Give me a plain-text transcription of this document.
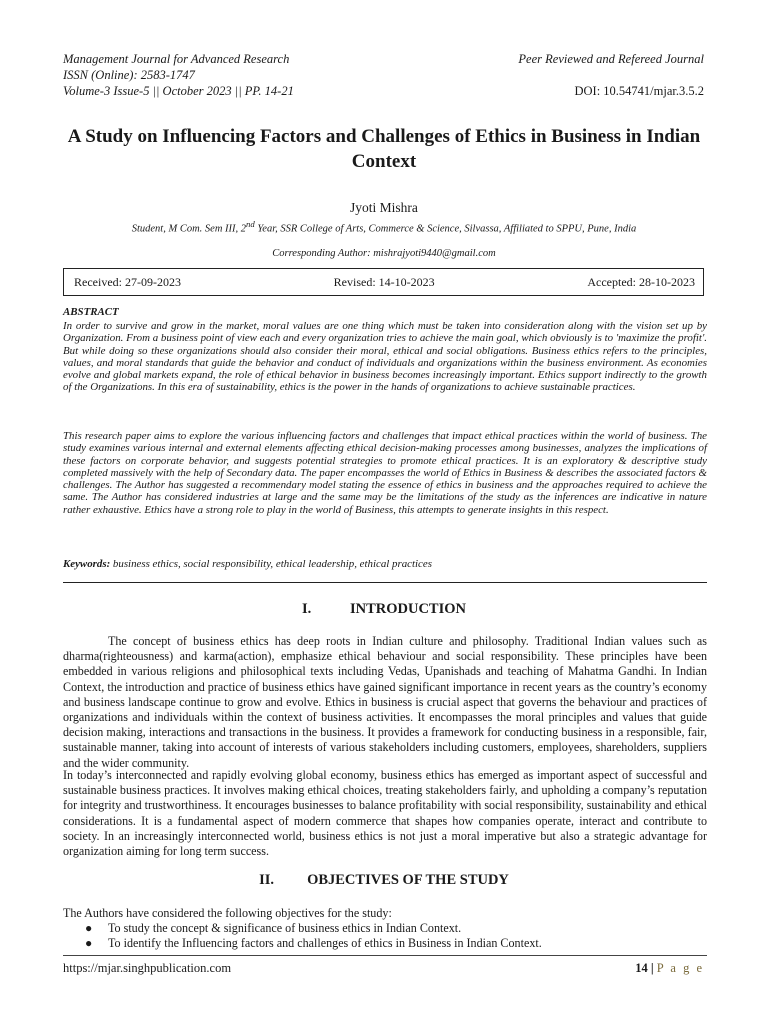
Management Journal for Advanced Research	Peer Reviewed and Refereed Journal
ISSN (Online): 2583-1747
Volume-3 Issue-5 || October 2023 || PP. 14-21	DOI: 10.54741/mjar.3.5.2
A Study on Influencing Factors and Challenges of Ethics in Business in Indian Context
Jyoti Mishra
Student, M Com. Sem III, 2nd Year, SSR College of Arts, Commerce & Science, Silvassa, Affiliated to SPPU, Pune, India
Corresponding Author: mishrajyoti9440@gmail.com
Received: 27-09-2023	Revised: 14-10-2023	Accepted: 28-10-2023
ABSTRACT
In order to survive and grow in the market, moral values are one thing which must be taken into consideration along with the vision set up by Organization. From a business point of view each and every organization tries to achieve the main goal, which obviously is to 'maximize the profit'. But while doing so these organizations should also consider their moral, ethical and social obligations. Business ethics refers to the principles, values, and moral standards that guide the behavior and conduct of individuals and organizations within the business environment. As economies evolve and global markets expand, the role of ethical behavior in business becomes increasingly important. Ethics support indirectly to the growth of the Organizations. In this era of sustainability, ethics is the power in the hands of organizations to achieve sustainable practices.
This research paper aims to explore the various influencing factors and challenges that impact ethical practices within the world of business. The study examines various internal and external elements affecting ethical decision-making processes among businesses, analyzes the implications of these factors on corporate behavior, and suggests potential strategies to promote ethical practices. It is an exploratory & descriptive study completed massively with the help of Secondary data. The paper encompasses the world of Ethics in Business & describes the associated factors & challenges. The Author has suggested a recommendary model stating the essence of ethics in business and the approaches required to achieve the same. The Author has considered industries at large and the same may be the limitations of the study as the inferences are indicative in nature rather exhaustive. Ethics have a strong role to play in the world of Business, this attempts to generate insights in this respect.
Keywords: business ethics, social responsibility, ethical leadership, ethical practices
I.	INTRODUCTION
The concept of business ethics has deep roots in Indian culture and philosophy. Traditional Indian values such as dharma(righteousness) and karma(action), emphasize ethical behaviour and social responsibility. These principles have been embedded in various religions and philosophical texts including Vedas, Upanishads and teaching of Mahatma Gandhi. In Indian Context, the introduction and practice of business ethics have gained significant importance in recent years as the country’s economy and business landscape continue to grow and evolve. Ethics in business is crucial aspect that governs the behaviour and practices of organizations and individuals within the context of business activities. It encompasses the moral principles and values that guide decision making, interactions and transactions in the business. It provides a framework for conducting business in a responsible, fair, sustainable manner, taking into account of interests of various stakeholders including customers, employees, shareholders, suppliers and the wider community.
In today’s interconnected and rapidly evolving global economy, business ethics has emerged as important aspect of successful and sustainable business practices. It involves making ethical choices, treating stakeholders fairly, and upholding a company’s reputation for integrity and trustworthiness. It encourages businesses to balance profitability with social responsibility, sustainability and ethical considerations. It is a fundamental aspect of modern commerce that shapes how companies operate, interact and contribute to society. In an increasingly interconnected world, business ethics is not just a moral imperative but also a strategic advantage for organization aiming for long term success.
II. OBJECTIVES OF THE STUDY
The Authors have considered the following objectives for the study:
● To study the concept & significance of business ethics in Indian Context.
● To identify the Influencing factors and challenges of ethics in Business in Indian Context.
https://mjar.singhpublication.com	14 | P a g e
